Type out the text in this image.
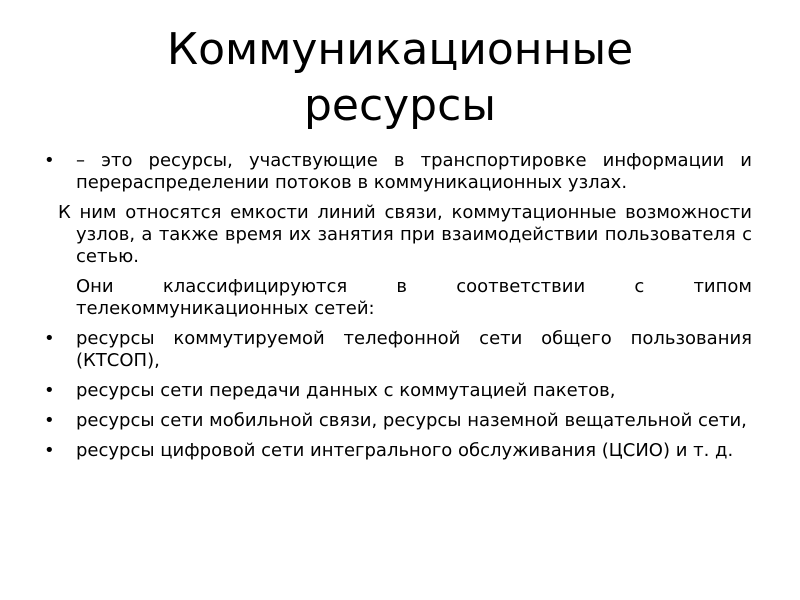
Коммуникационные
ресурсы
• – это ресурсы, участвующие в транспортировке информации и перераспределении потоков в коммуникационных узлах.
К ним относятся емкости линий связи, коммутационные возможности узлов, а также время их занятия при взаимодействии пользователя с сетью.
Они классифицируются в соответствии с типом телекоммуникационных сетей:
• ресурсы коммутируемой телефонной сети общего пользования (КТСОП),
• ресурсы сети передачи данных с коммутацией пакетов,
• ресурсы сети мобильной связи, ресурсы наземной вещательной сети,
• ресурсы цифровой сети интегрального обслуживания (ЦСИО) и т. д.
